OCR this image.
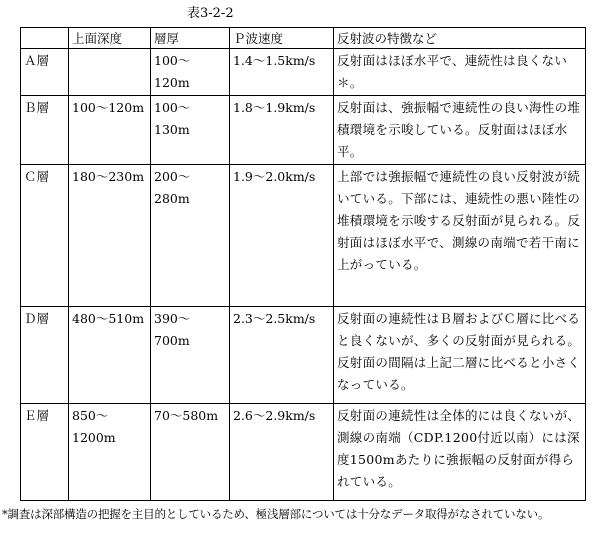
表3-2-2
	上面深度	層厚	Ｐ波速度	反射波の特徴など
Ａ層		100～120m	1.4～1.5km/s	反射面はほぼ水平で、連続性は良くない＊。
Ｂ層	100～120m	100～130m	1.8～1.9km/s	反射面は、強振幅で連続性の良い海性の堆積環境を示唆している。反射面はほぼ水平。
Ｃ層	180～230m	200～280m	1.9～2.0km/s	上部では強振幅で連続性の良い反射波が続いている。下部には、連続性の悪い陸性の堆積環境を示唆する反射面が見られる。反射面はほぼ水平で、測線の南端で若干南に上がっている。
Ｄ層	480～510m	390～700m	2.3～2.5km/s	反射面の連続性はＢ層およびＣ層に比べると良くないが、多くの反射面が見られる。反射面の間隔は上記二層に比べると小さくなっている。
Ｅ層	850～1200m	70～580m	2.6～2.9km/s	反射面の連続性は全体的には良くないが、測線の南端（CDP.1200付近以南）には深度1500mあたりに強振幅の反射面が得られている。
*調査は深部構造の把握を主目的としているため、極浅層部については十分なデータ取得がなされていない。
